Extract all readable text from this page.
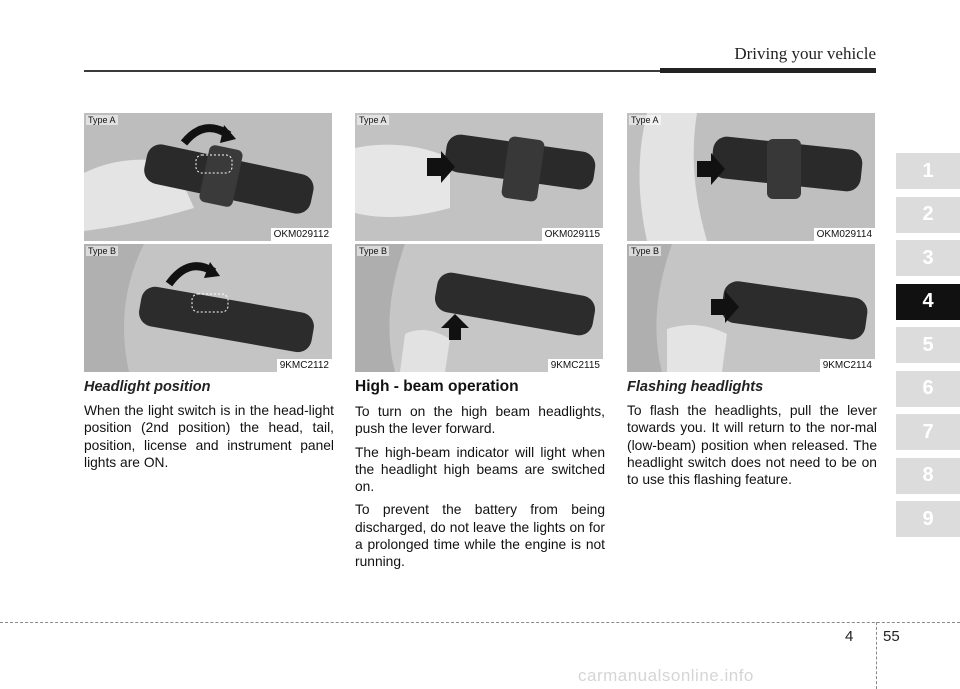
Driving your vehicle
1
2
3
4
5
6
7
8
9
Type A
OKM029112
Type B
9KMC2112
Headlight position

When the light switch is in the head-light position (2nd position) the head, tail, position, license and instrument panel lights are ON.

Type A
OKM029115
Type B
9KMC2115
High - beam operation

To turn on the high beam headlights, push the lever forward.

The high-beam indicator will light when the headlight high beams are switched on.

To prevent the battery from being discharged, do not leave the lights on for a prolonged time while the engine is not running.

Type A
OKM029114
Type B
9KMC2114
Flashing headlights

To flash the headlights, pull the lever towards you. It will return to the nor-mal (low-beam) position when released. The headlight switch does not need to be on to use this flashing feature.

4 55
carmanualsonline.info
